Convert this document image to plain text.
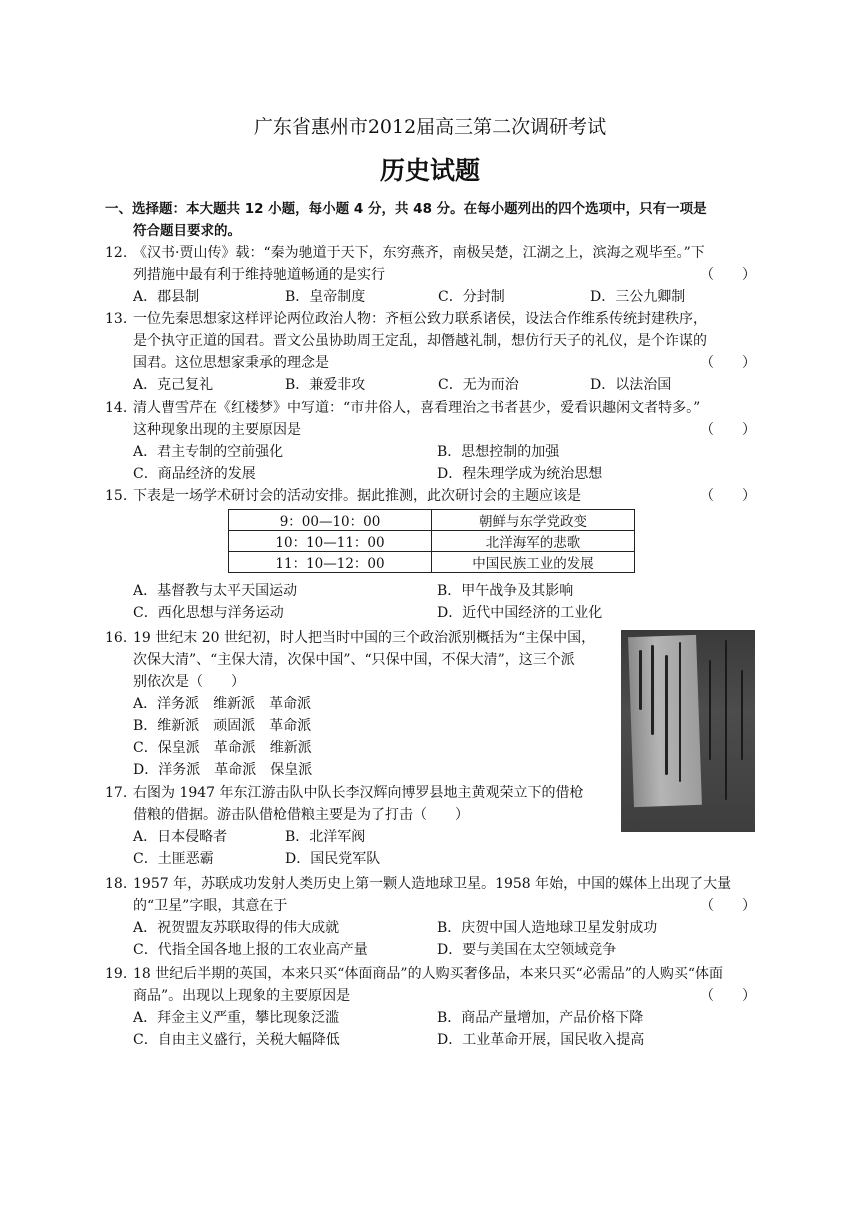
广东省惠州市2012届高三第二次调研考试
历史试题
一、选择题：本大题共 12 小题，每小题 4 分，共 48 分。在每小题列出的四个选项中，只有一项是
符合题目要求的。
12. 《汉书·贾山传》载：“秦为驰道于天下，东穷燕齐，南极吴楚，江湖之上，滨海之观毕至。”下
列措施中最有利于维持驰道畅通的是实行	（　　）
A．郡县制	B．皇帝制度	C．分封制	D．三公九卿制
13. 一位先秦思想家这样评论两位政治人物：齐桓公致力联系诸侯，设法合作维系传统封建秩序，
是个执守正道的国君。晋文公虽协助周王定乱，却僭越礼制，想仿行天子的礼仪，是个诈谋的
国君。这位思想家秉承的理念是	（　　）
A．克己复礼	B．兼爱非攻	C．无为而治	D．以法治国
14. 清人曹雪芹在《红楼梦》中写道：“市井俗人，喜看理治之书者甚少，爱看识趣闲文者特多。”
这种现象出现的主要原因是	（　　）
A．君主专制的空前强化	B．思想控制的加强
C．商品经济的发展	D．程朱理学成为统治思想
15. 下表是一场学术研讨会的活动安排。据此推测，此次研讨会的主题应该是	（　　）
9：00—10：00	朝鲜与东学党政变
10：10—11：00	北洋海军的悲歌
11：10—12：00	中国民族工业的发展
A．基督教与太平天国运动	B．甲午战争及其影响
C．西化思想与洋务运动	D．近代中国经济的工业化
16. 19 世纪末 20 世纪初，时人把当时中国的三个政治派别概括为“主保中国，
次保大清”、“主保大清，次保中国”、“只保中国，不保大清”，这三个派
别依次是（　　）
A．洋务派　维新派　革命派
B．维新派　顽固派　革命派
C．保皇派　革命派　维新派
D．洋务派　革命派　保皇派
17. 右图为 1947 年东江游击队中队长李汉辉向博罗县地主黄观荣立下的借枪
借粮的借据。游击队借枪借粮主要是为了打击（　　）
A．日本侵略者	B．北洋军阀
C．土匪恶霸	D．国民党军队
18. 1957 年，苏联成功发射人类历史上第一颗人造地球卫星。1958 年始，中国的媒体上出现了大量
的“卫星”字眼，其意在于	（　　）
A．祝贺盟友苏联取得的伟大成就	B．庆贺中国人造地球卫星发射成功
C．代指全国各地上报的工农业高产量	D．要与美国在太空领域竞争
19. 18 世纪后半期的英国，本来只买“体面商品”的人购买奢侈品，本来只买“必需品”的人购买“体面
商品”。出现以上现象的主要原因是	（　　）
A．拜金主义严重，攀比现象泛滥	B．商品产量增加，产品价格下降
C．自由主义盛行，关税大幅降低	D．工业革命开展，国民收入提高
